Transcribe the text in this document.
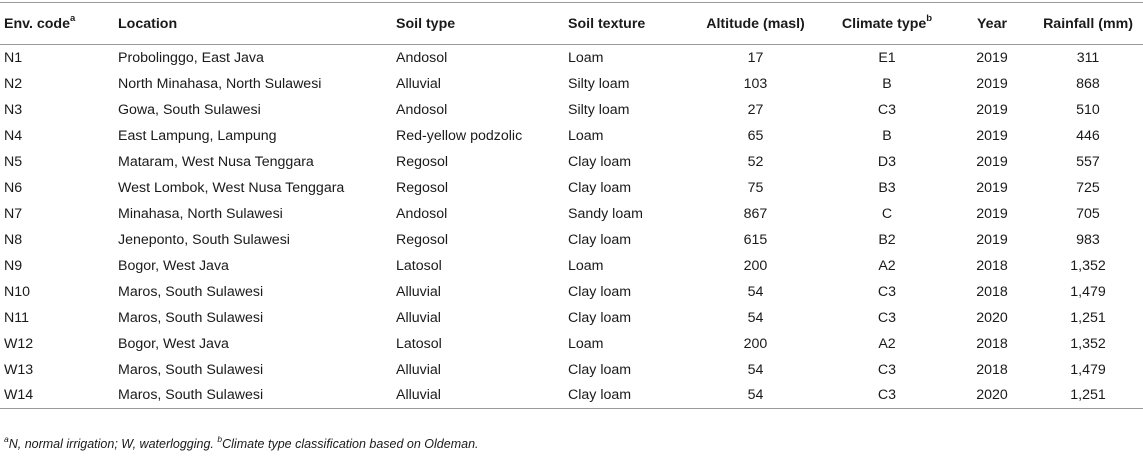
Env. code$^a$	Location	Soil type	Soil texture	Altitude (masl)	Climate type$^b$	Year	Rainfall (mm)
N1	Probolinggo, East Java	Andosol	Loam	17	E1	2019	311
N2	North Minahasa, North Sulawesi	Alluvial	Silty loam	103	B	2019	868
N3	Gowa, South Sulawesi	Andosol	Silty loam	27	C3	2019	510
N4	East Lampung, Lampung	Red-yellow podzolic	Loam	65	B	2019	446
N5	Mataram, West Nusa Tenggara	Regosol	Clay loam	52	D3	2019	557
N6	West Lombok, West Nusa Tenggara	Regosol	Clay loam	75	B3	2019	725
N7	Minahasa, North Sulawesi	Andosol	Sandy loam	867	C	2019	705
N8	Jeneponto, South Sulawesi	Regosol	Clay loam	615	B2	2019	983
N9	Bogor, West Java	Latosol	Loam	200	A2	2018	1,352
N10	Maros, South Sulawesi	Alluvial	Clay loam	54	C3	2018	1,479
N11	Maros, South Sulawesi	Alluvial	Clay loam	54	C3	2020	1,251
W12	Bogor, West Java	Latosol	Loam	200	A2	2018	1,352
W13	Maros, South Sulawesi	Alluvial	Clay loam	54	C3	2018	1,479
W14	Maros, South Sulawesi	Alluvial	Clay loam	54	C3	2020	1,251
$^a$N, normal irrigation; W, waterlogging. $^b$Climate type classification based on Oldeman.
